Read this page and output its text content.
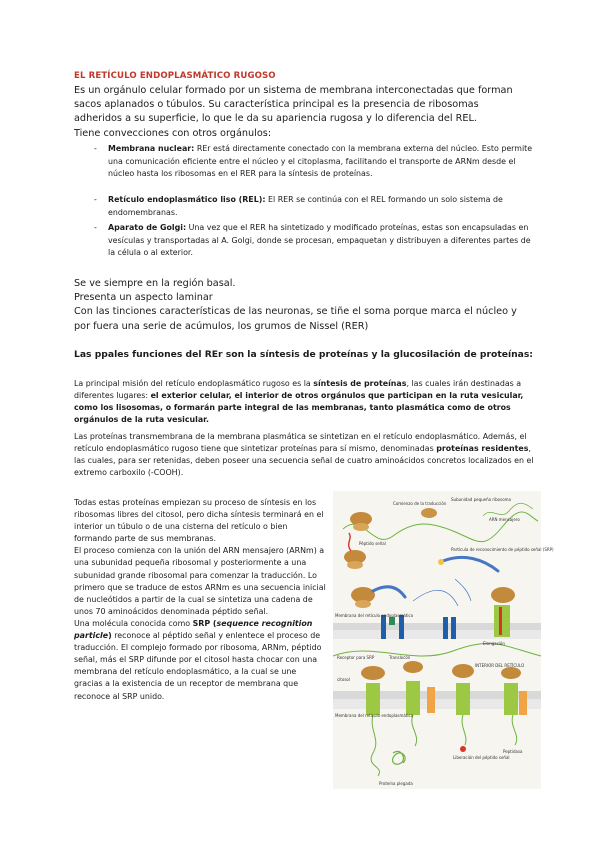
EL RETÍCULO ENDOPLASMÁTICO RUGOSO
Es un orgánulo celular formado por un sistema de membrana interconectadas que forman
sacos aplanados o túbulos. Su característica principal es la presencia de ribosomas
adheridos a su superficie, lo que le da su apariencia rugosa y lo diferencia del REL.
Tiene convecciones con otros orgánulos:
- Membrana nuclear: REr está directamente conectado con la membrana externa del núcleo. Esto permite una comunicación eficiente entre el núcleo y el citoplasma, facilitando el transporte de ARNm desde el núcleo hasta los ribosomas en el RER para la síntesis de proteínas.
- Retículo endoplasmático liso (REL): El RER se continúa con el REL formando un solo sistema de endomembranas.
- Aparato de Golgi: Una vez que el RER ha sintetizado y modificado proteínas, estas son encapsuladas en vesículas y transportadas al A. Golgi, donde se procesan, empaquetan y distribuyen a diferentes partes de la célula o al exterior.
Se ve siempre en la región basal.
Presenta un aspecto laminar
Con las tinciones características de las neuronas, se tiñe el soma porque marca el núcleo y
por fuera una serie de acúmulos, los grumos de Nissel (RER)
Las ppales funciones del REr son la síntesis de proteínas y la glucosilación de proteínas:
La principal misión del retículo endoplasmático rugoso es la síntesis de proteínas, las cuales irán destinadas a diferentes lugares: el exterior celular, el interior de otros orgánulos que participan en la ruta vesicular, como los lisosomas, o formarán parte integral de las membranas, tanto plasmática como de otros orgánulos de la ruta vesicular.
Las proteínas transmembrana de la membrana plasmática se sintetizan en el retículo endoplasmático. Además, el retículo endoplasmático rugoso tiene que sintetizar proteínas para sí mismo, denominadas proteínas residentes, las cuales, para ser retenidas, deben poseer una secuencia señal de cuatro aminoácidos concretos localizados en el extremo carboxilo (-COOH).
Todas estas proteínas empiezan su proceso de síntesis en los ribosomas libres del citosol, pero dicha síntesis terminará en el interior un túbulo o de una cisterna del retículo o bien formando parte de sus membranas.
El proceso comienza con la unión del ARN mensajero (ARNm) a una subunidad pequeña ribosomal y posteriormente a una subunidad grande ribosomal para comenzar la traducción. Lo primero que se traduce de estos ARNm es una secuencia inicial de nucleótidos a partir de la cual se sintetiza una cadena de unos 70 aminoácidos denominada péptido señal.
Una molécula conocida como SRP (sequence recognition particle) reconoce al péptido señal y enlentece el proceso de traducción. El complejo formado por ribosoma, ARNm, péptido señal, más el SRP difunde por el citosol hasta chocar con una membrana del retículo endoplasmático, a la cual se une gracias a la existencia de un receptor de membrana que reconoce al SRP unido.
Comienzo de la traducción
Subunidad pequeña ribosoma
ARN mensajero
Péptido señal
Partícula de reconocimiento de péptido señal (SRP)
Membrana del retículo endoplasmático
Receptor para SRP	Translocón
Elongación
INTERIOR DEL RETÍCULO
citosol
Membrana del retículo endoplasmático
Liberación del péptido señal
Peptidasa
Proteína plegada
